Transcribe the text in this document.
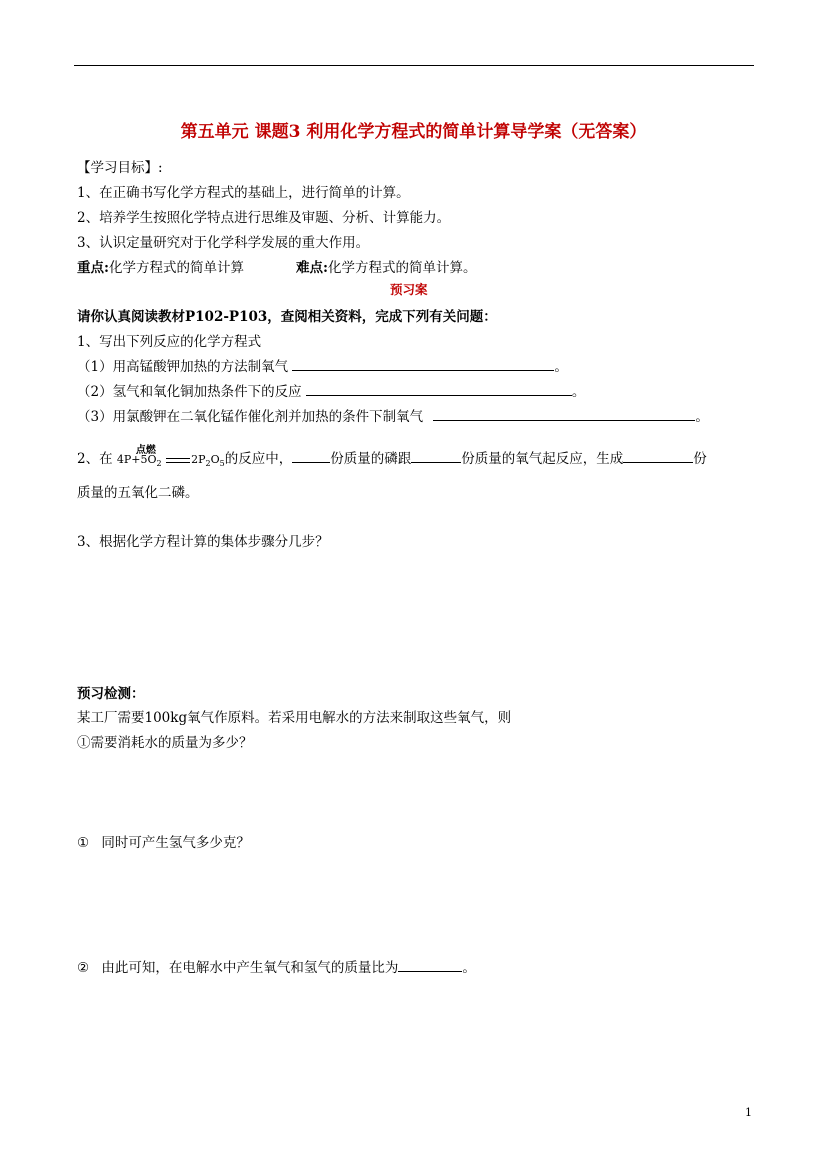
第五单元 课题3 利用化学方程式的简单计算导学案（无答案）
【学习目标】:
1、在正确书写化学方程式的基础上，进行简单的计算。
2、培养学生按照化学特点进行思维及审题、分析、计算能力。
3、认识定量研究对于化学科学发展的重大作用。
重点:化学方程式的简单计算	难点:化学方程式的简单计算。
预习案
请你认真阅读教材P102-P103，查阅相关资料，完成下列有关问题：
1、写出下列反应的化学方程式
（1）用高锰酸钾加热的方法制氧气	。
（2）氢气和氧化铜加热条件下的反应	。
（3）用氯酸钾在二氧化锰作催化剂并加热的条件下制氧气	。
2、在 $4P+5O_2$
点燃
$2P_2O_5$的反应中，	份质量的磷跟	份质量的氧气起反应，生成	份
质量的五氧化二磷。
3、根据化学方程计算的集体步骤分几步？
预习检测：
某工厂需要100kg氧气作原料。若采用电解水的方法来制取这些氧气，则
①需要消耗水的质量为多少？
① 同时可产生氢气多少克？
② 由此可知，在电解水中产生氧气和氢气的质量比为	。
1
